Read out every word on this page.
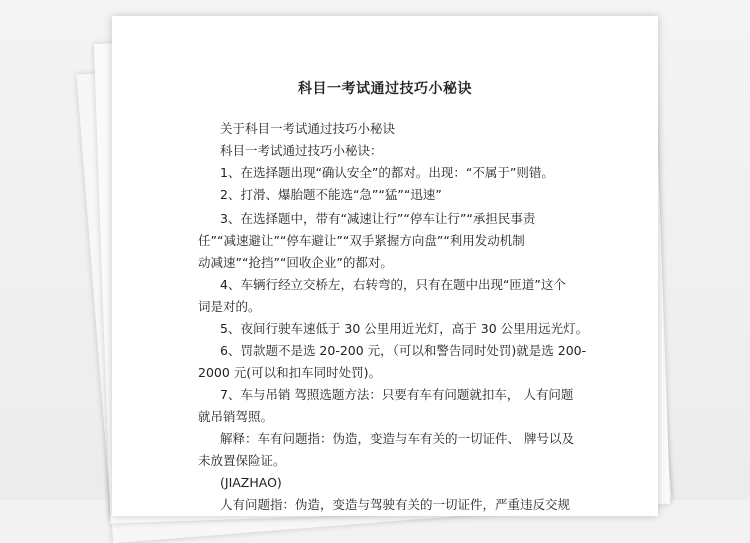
科目一考试通过技巧小秘诀

关于科目一考试通过技巧小秘诀

科目一考试通过技巧小秘诀：

1、在选择题出现“确认安全”的都对。出现：“不属于”则错。

2、打滑、爆胎题不能选“急”“猛”“迅速”

3、在选择题中，带有“减速让行”“停车让行”“承担民事责

任”“减速避让”“停车避让”“双手紧握方向盘”“利用发动机制

动减速”“抢挡”“回收企业”的都对。

4、车辆行经立交桥左，右转弯的，只有在题中出现“匝道”这个

词是对的。

5、夜间行驶车速低于 30 公里用近光灯，高于 30 公里用远光灯。

6、罚款题不是选 20-200 元，（可以和警告同时处罚)就是选 200-

2000 元(可以和扣车同时处罚)。

7、车与吊销 驾照选题方法：只要有车有问题就扣车， 人有问题

就吊销驾照。

解释：车有问题指：伪造，变造与车有关的一切证件、 牌号以及

未放置保险证。

(JIAZHAO)

人有问题指：伪造，变造与驾驶有关的一切证件，严重违反交规
